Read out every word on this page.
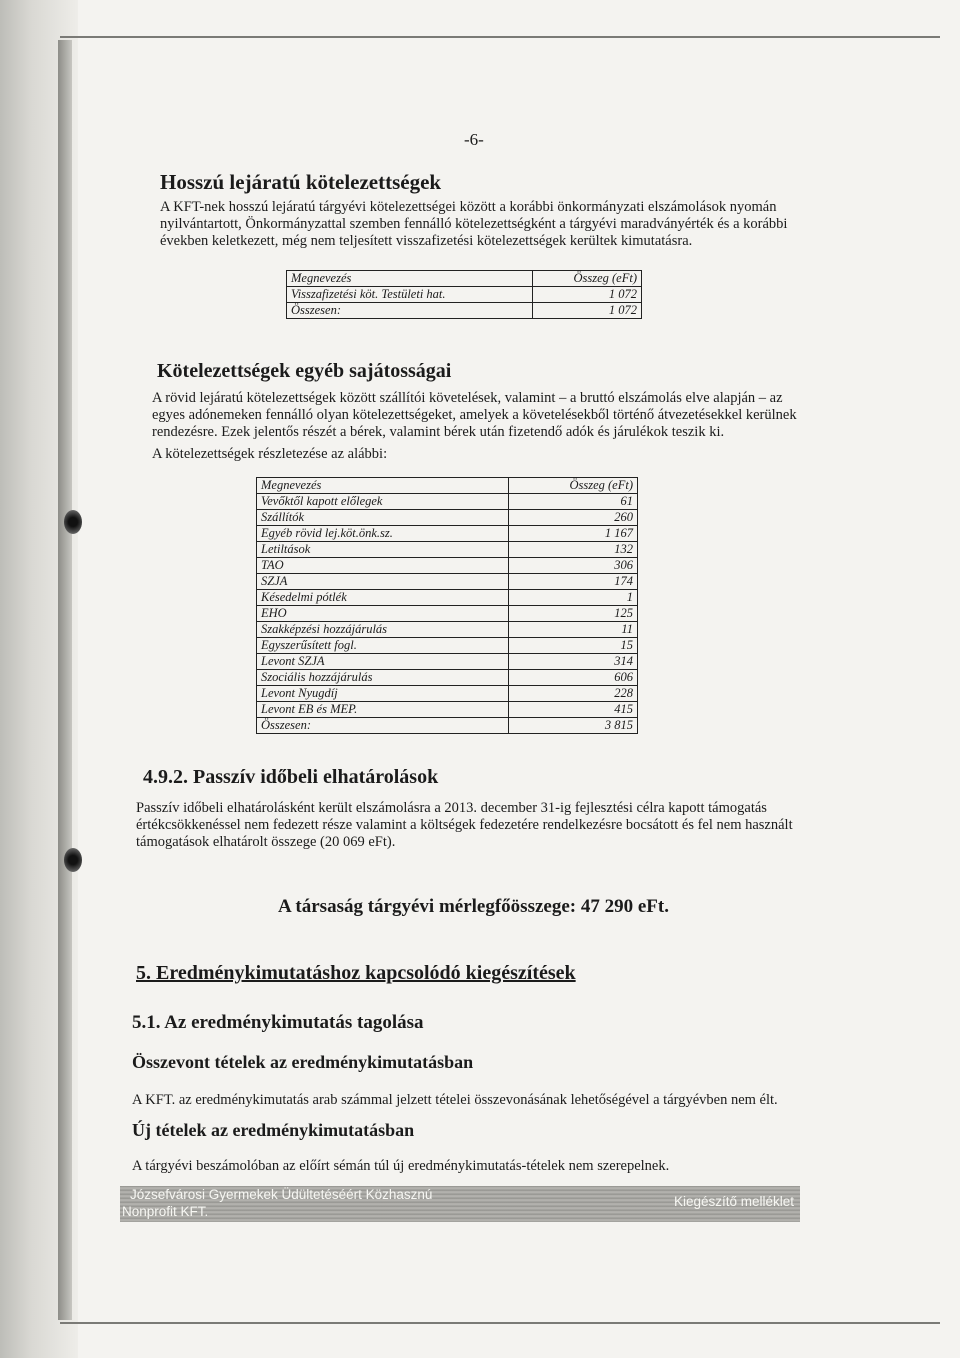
-6-
Hosszú lejáratú kötelezettségek

A KFT-nek hosszú lejáratú tárgyévi kötelezettségei között a korábbi önkormányzati elszámolások nyomán nyilvántartott, Önkormányzattal szemben fennálló kötelezettségként a tárgyévi maradványérték és a korábbi években keletkezett, még nem teljesített visszafizetési kötelezettségek kerültek kimutatásra.

Megnevezés	Összeg (eFt)
Visszafizetési köt. Testületi hat.	1 072
Összesen:	1 072
Kötelezettségek egyéb sajátosságai

A rövid lejáratú kötelezettségek között szállítói követelések, valamint – a bruttó elszámolás elve alapján – az egyes adónemeken fennálló olyan kötelezettségeket, amelyek a követelésekből történő átvezetésekkel kerülnek rendezésre. Ezek jelentős részét a bérek, valamint bérek után fizetendő adók és járulékok teszik ki.

A kötelezettségek részletezése az alábbi:

Megnevezés	Összeg (eFt)
Vevőktől kapott előlegek	61
Szállítók	260
Egyéb rövid lej.köt.önk.sz.	1 167
Letiltások	132
TAO	306
SZJA	174
Késedelmi pótlék	1
EHO	125
Szakképzési hozzájárulás	11
Egyszerűsített fogl.	15
Levont SZJA	314
Szociális hozzájárulás	606
Levont Nyugdíj	228
Levont EB és MEP.	415
Összesen:	3 815
4.9.2. Passzív időbeli elhatárolások

Passzív időbeli elhatárolásként került elszámolásra a 2013. december 31-ig fejlesztési célra kapott támogatás értékcsökkenéssel nem fedezett része valamint a költségek fedezetére rendelkezésre bocsátott és fel nem használt támogatások elhatárolt összege (20 069 eFt).

A társaság tárgyévi mérlegfőösszege: 47 290 eFt.
5. Eredménykimutatáshoz kapcsolódó kiegészítések
5.1. Az eredménykimutatás tagolása
Összevont tételek az eredménykimutatásban

A KFT. az eredménykimutatás arab számmal jelzett tételei összevonásának lehetőségével a tárgyévben nem élt.

Új tételek az eredménykimutatásban

A tárgyévi beszámolóban az előírt sémán túl új eredménykimutatás-tételek nem szerepelnek.

Józsefvárosi Gyermekek Üdültetéséért Közhasznú
Nonprofit KFT.
Kiegészítő melléklet
